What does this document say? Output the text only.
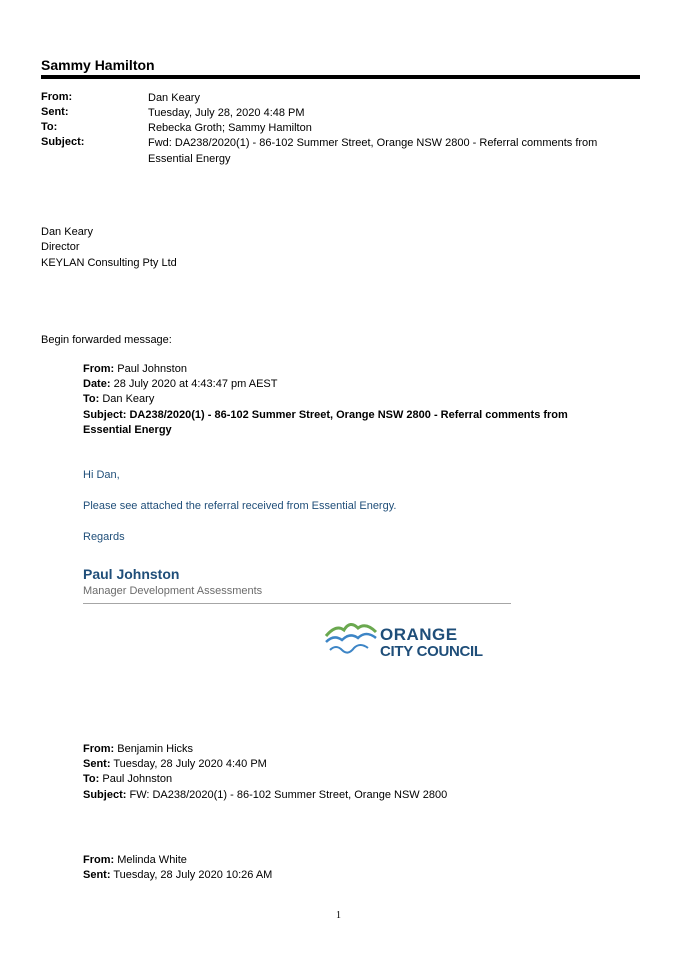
Sammy Hamilton
From:	Dan Keary
Sent:	Tuesday, July 28, 2020 4:48 PM
To:	Rebecka Groth; Sammy Hamilton
Subject:	Fwd: DA238/2020(1) - 86-102 Summer Street, Orange NSW 2800 - Referral comments from Essential Energy
Dan Keary
Director
KEYLAN Consulting Pty Ltd
Begin forwarded message:
From: Paul Johnston
Date: 28 July 2020 at 4:43:47 pm AEST
To: Dan Keary
Subject: DA238/2020(1) - 86-102 Summer Street, Orange NSW 2800 - Referral comments from Essential Energy
Hi Dan,
Please see attached the referral received from Essential Energy.
Regards
Paul Johnston
Manager Development Assessments
ORANGE
CITY COUNCIL
From: Benjamin Hicks
Sent: Tuesday, 28 July 2020 4:40 PM
To: Paul Johnston
Subject: FW: DA238/2020(1) - 86-102 Summer Street, Orange NSW 2800
From: Melinda White
Sent: Tuesday, 28 July 2020 10:26 AM
1
